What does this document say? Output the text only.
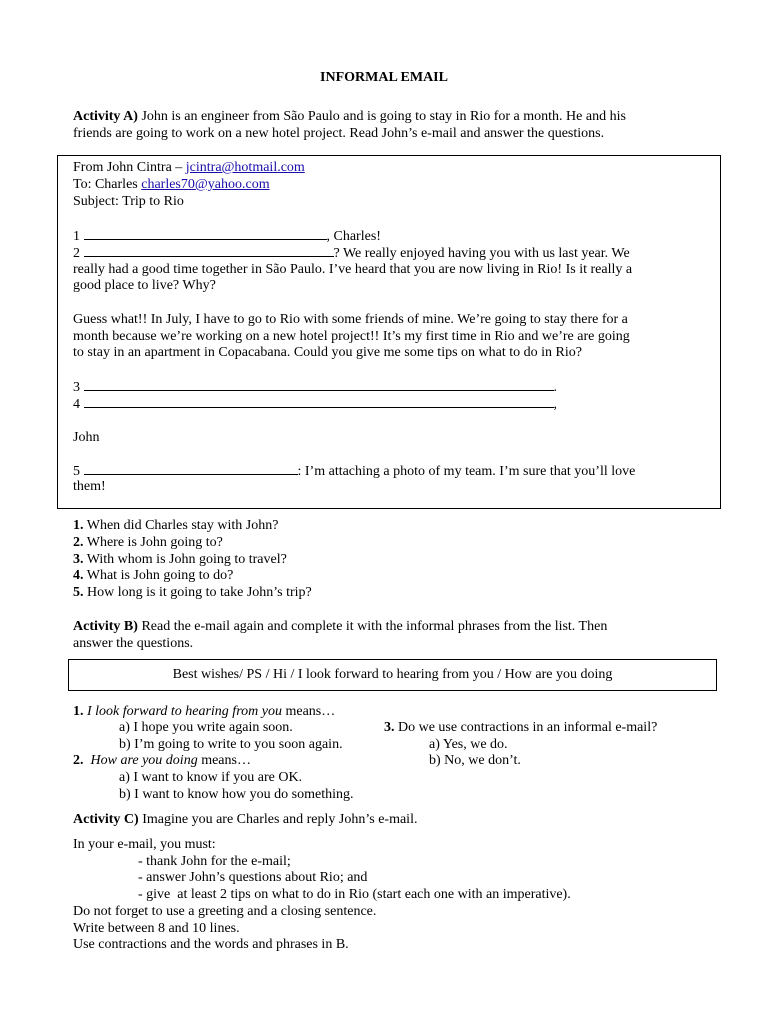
INFORMAL EMAIL
Activity A) John is an engineer from São Paulo and is going to stay in Rio for a month. He and his
friends are going to work on a new hotel project. Read John’s e-mail and answer the questions.
From John Cintra – jcintra@hotmail.com
To: Charles charles70@yahoo.com
Subject: Trip to Rio
1	, Charles!
2	? We really enjoyed having you with us last year. We
really had a good time together in São Paulo. I’ve heard that you are now living in Rio! Is it really a
good place to live? Why?
Guess what!! In July, I have to go to Rio with some friends of mine. We’re going to stay there for a
month because we’re working on a new hotel project!! It’s my first time in Rio and we’re are going
to stay in an apartment in Copacabana. Could you give me some tips on what to do in Rio?
3	.
4	,
John
5	: I’m attaching a photo of my team. I’m sure that you’ll love
them!
1. When did Charles stay with John?
2. Where is John going to?
3. With whom is John going to travel?
4. What is John going to do?
5. How long is it going to take John’s trip?
Activity B) Read the e-mail again and complete it with the informal phrases from the list. Then
answer the questions.
Best wishes/ PS / Hi / I look forward to hearing from you / How are you doing
1. I look forward to hearing from you means…
a) I hope you write again soon.
b) I’m going to write to you soon again.
3. Do we use contractions in an informal e-mail?
a) Yes, we do.
b) No, we don’t.
2.  How are you doing means…
a) I want to know if you are OK.
b) I want to know how you do something.
Activity C) Imagine you are Charles and reply John’s e-mail.
In your e-mail, you must:
- thank John for the e-mail;
- answer John’s questions about Rio; and
- give  at least 2 tips on what to do in Rio (start each one with an imperative).
Do not forget to use a greeting and a closing sentence.
Write between 8 and 10 lines.
Use contractions and the words and phrases in B.
